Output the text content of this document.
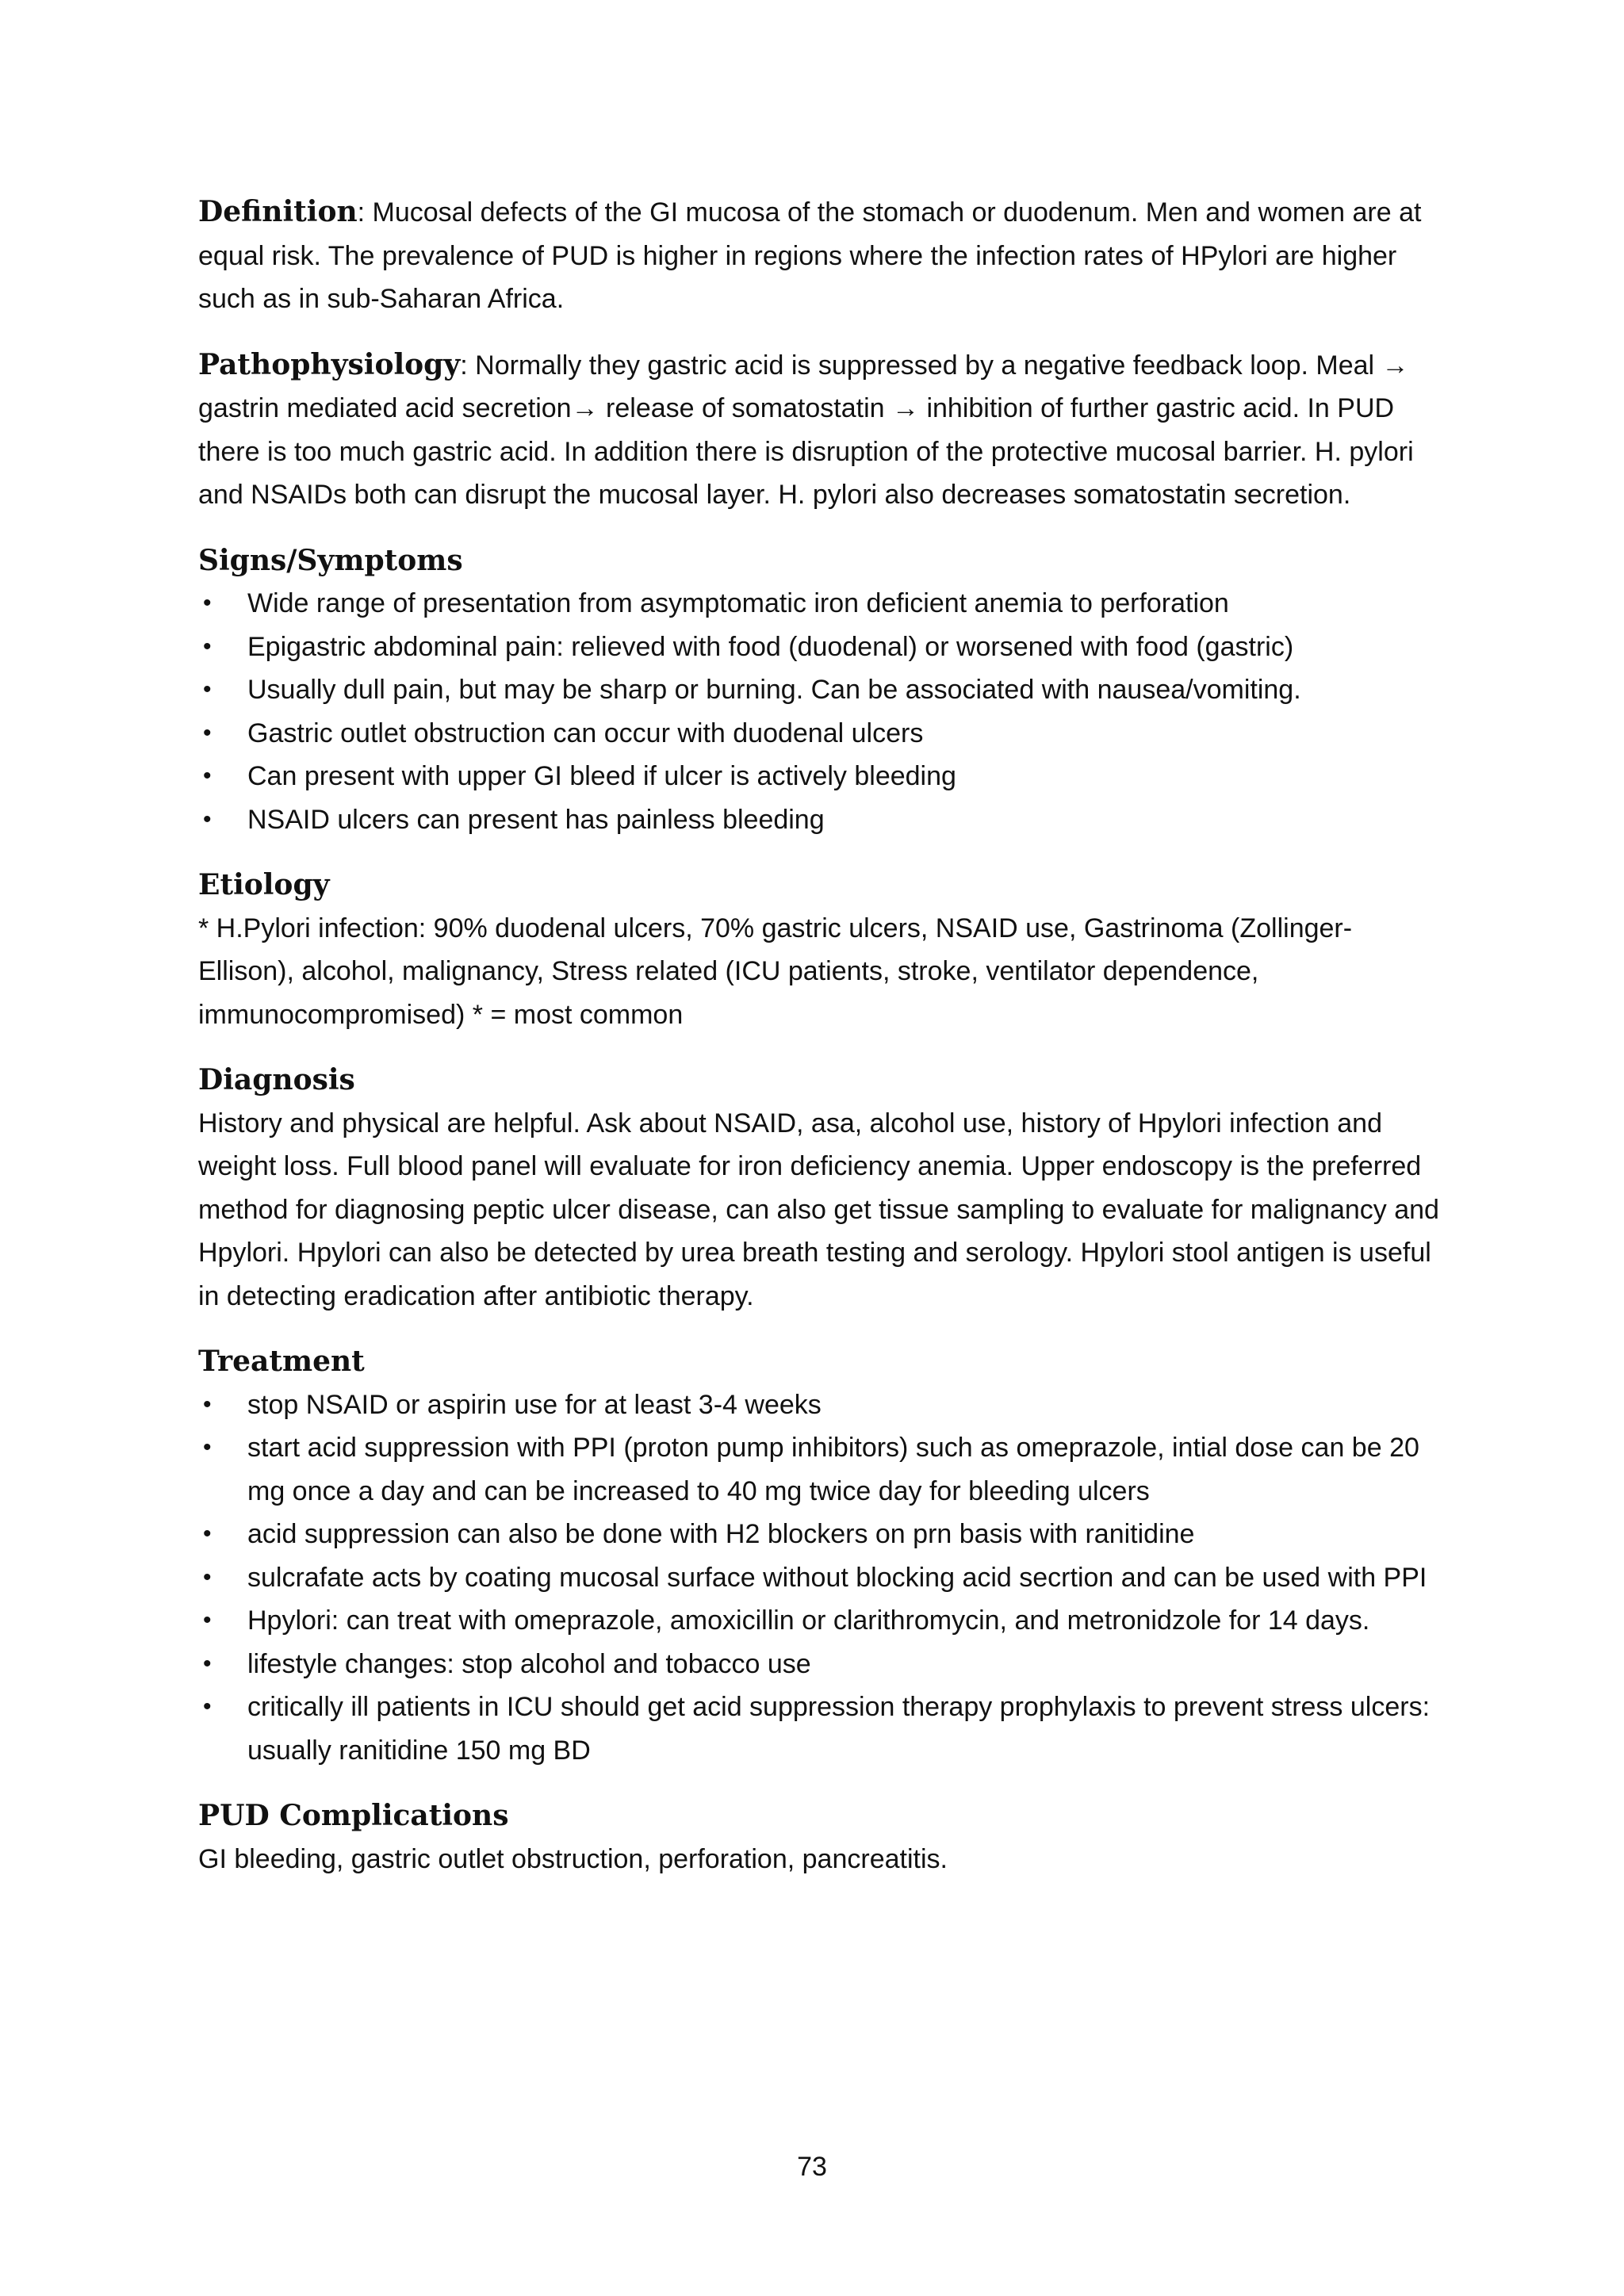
Definition: Mucosal defects of the GI mucosa of the stomach or duodenum. Men and women are at equal risk. The prevalence of PUD is higher in regions where the infection rates of HPylori are higher such as in sub-Saharan Africa.

Pathophysiology: Normally they gastric acid is suppressed by a negative feedback loop. Meal → gastrin mediated acid secretion→ release of somatostatin → inhibition of further gastric acid. In PUD there is too much gastric acid. In addition there is disruption of the protective mucosal barrier. H. pylori and NSAIDs both can disrupt the mucosal layer. H. pylori also decreases somatostatin secretion.

Signs/Symptoms
• Wide range of presentation from asymptomatic iron deficient anemia to perforation
• Epigastric abdominal pain: relieved with food (duodenal) or worsened with food (gastric)
• Usually dull pain, but may be sharp or burning. Can be associated with nausea/vomiting.
• Gastric outlet obstruction can occur with duodenal ulcers
• Can present with upper GI bleed if ulcer is actively bleeding
• NSAID ulcers can present has painless bleeding
Etiology

* H.Pylori infection: 90% duodenal ulcers, 70% gastric ulcers, NSAID use, Gastrinoma (Zollinger-Ellison), alcohol, malignancy, Stress related (ICU patients, stroke, ventilator dependence, immunocompromised) * = most common

Diagnosis

History and physical are helpful. Ask about NSAID, asa, alcohol use, history of Hpylori infection and weight loss. Full blood panel will evaluate for iron deficiency anemia. Upper endoscopy is the preferred method for diagnosing peptic ulcer disease, can also get tissue sampling to evaluate for malignancy and Hpylori. Hpylori can also be detected by urea breath testing and serology. Hpylori stool antigen is useful in detecting eradication after antibiotic therapy.

Treatment
• stop NSAID or aspirin use for at least 3-4 weeks
• start acid suppression with PPI (proton pump inhibitors) such as omeprazole, intial dose can be 20 mg once a day and can be increased to 40 mg twice day for bleeding ulcers
• acid suppression can also be done with H2 blockers on prn basis with ranitidine
• sulcrafate acts by coating mucosal surface without blocking acid secrtion and can be used with PPI
• Hpylori: can treat with omeprazole, amoxicillin or clarithromycin, and metronidzole for 14 days.
• lifestyle changes: stop alcohol and tobacco use
• critically ill patients in ICU should get acid suppression therapy prophylaxis to prevent stress ulcers: usually ranitidine 150 mg BD
PUD Complications

GI bleeding, gastric outlet obstruction, perforation, pancreatitis.

73
